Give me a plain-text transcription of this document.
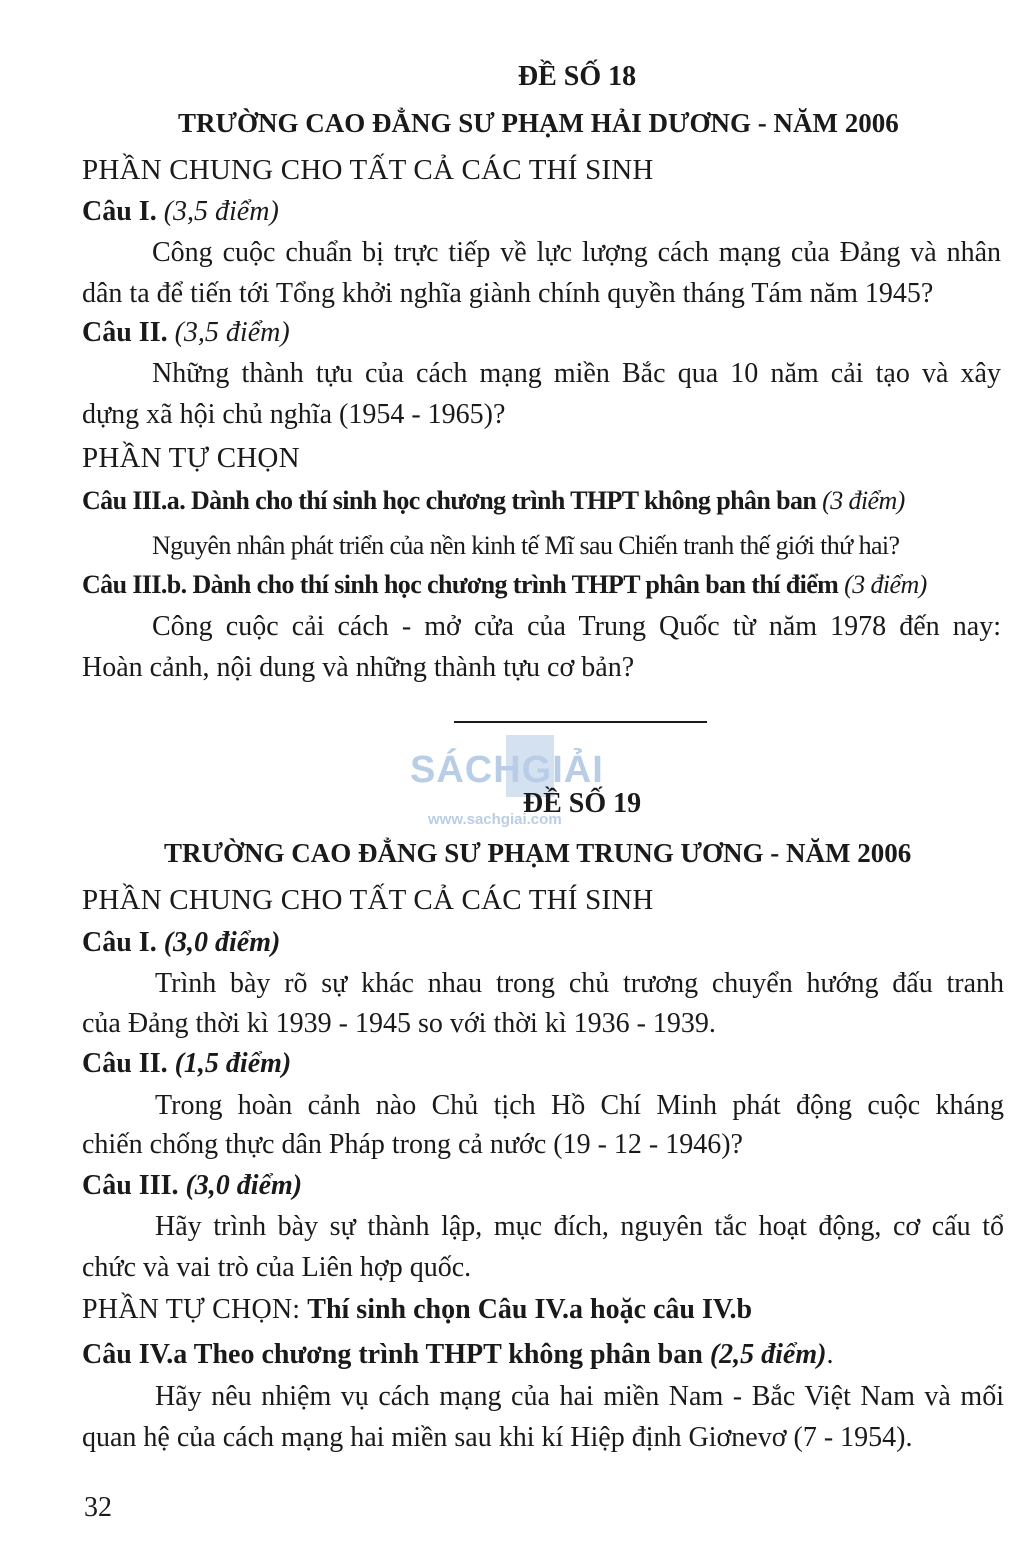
ĐỀ SỐ 18
TRƯỜNG CAO ĐẲNG SƯ PHẠM HẢI DƯƠNG - NĂM 2006
PHẦN CHUNG CHO TẤT CẢ CÁC THÍ SINH
Câu I. (3,5 điểm)
Công cuộc chuẩn bị trực tiếp về lực lượng cách mạng của Đảng và nhân
dân ta để tiến tới Tổng khởi nghĩa giành chính quyền tháng Tám năm 1945?
Câu II. (3,5 điểm)
Những thành tựu của cách mạng miền Bắc qua 10 năm cải tạo và xây
dựng xã hội chủ nghĩa (1954 - 1965)?
PHẦN TỰ CHỌN
Câu III.a. Dành cho thí sinh học chương trình THPT không phân ban (3 điểm)
Nguyên nhân phát triển của nền kinh tế Mĩ sau Chiến tranh thế giới thứ hai?
Câu III.b. Dành cho thí sinh học chương trình THPT phân ban thí điểm (3 điểm)
Công cuộc cải cách - mở cửa của Trung Quốc từ năm 1978 đến nay:
Hoàn cảnh, nội dung và những thành tựu cơ bản?
SÁCHGIẢI
www.sachgiai.com
ĐỀ SỐ 19
TRƯỜNG CAO ĐẲNG SƯ PHẠM TRUNG ƯƠNG - NĂM 2006
PHẦN CHUNG CHO TẤT CẢ CÁC THÍ SINH
Câu I. (3,0 điểm)
Trình bày rõ sự khác nhau trong chủ trương chuyển hướng đấu tranh
của Đảng thời kì 1939 - 1945 so với thời kì 1936 - 1939.
Câu II. (1,5 điểm)
Trong hoàn cảnh nào Chủ tịch Hồ Chí Minh phát động cuộc kháng
chiến chống thực dân Pháp trong cả nước (19 - 12 - 1946)?
Câu III. (3,0 điểm)
Hãy trình bày sự thành lập, mục đích, nguyên tắc hoạt động, cơ cấu tổ
chức và vai trò của Liên hợp quốc.
PHẦN TỰ CHỌN: Thí sinh chọn Câu IV.a hoặc câu IV.b
Câu IV.a Theo chương trình THPT không phân ban (2,5 điểm).
Hãy nêu nhiệm vụ cách mạng của hai miền Nam - Bắc Việt Nam và mối
quan hệ của cách mạng hai miền sau khi kí Hiệp định Giơnevơ (7 - 1954).
32
